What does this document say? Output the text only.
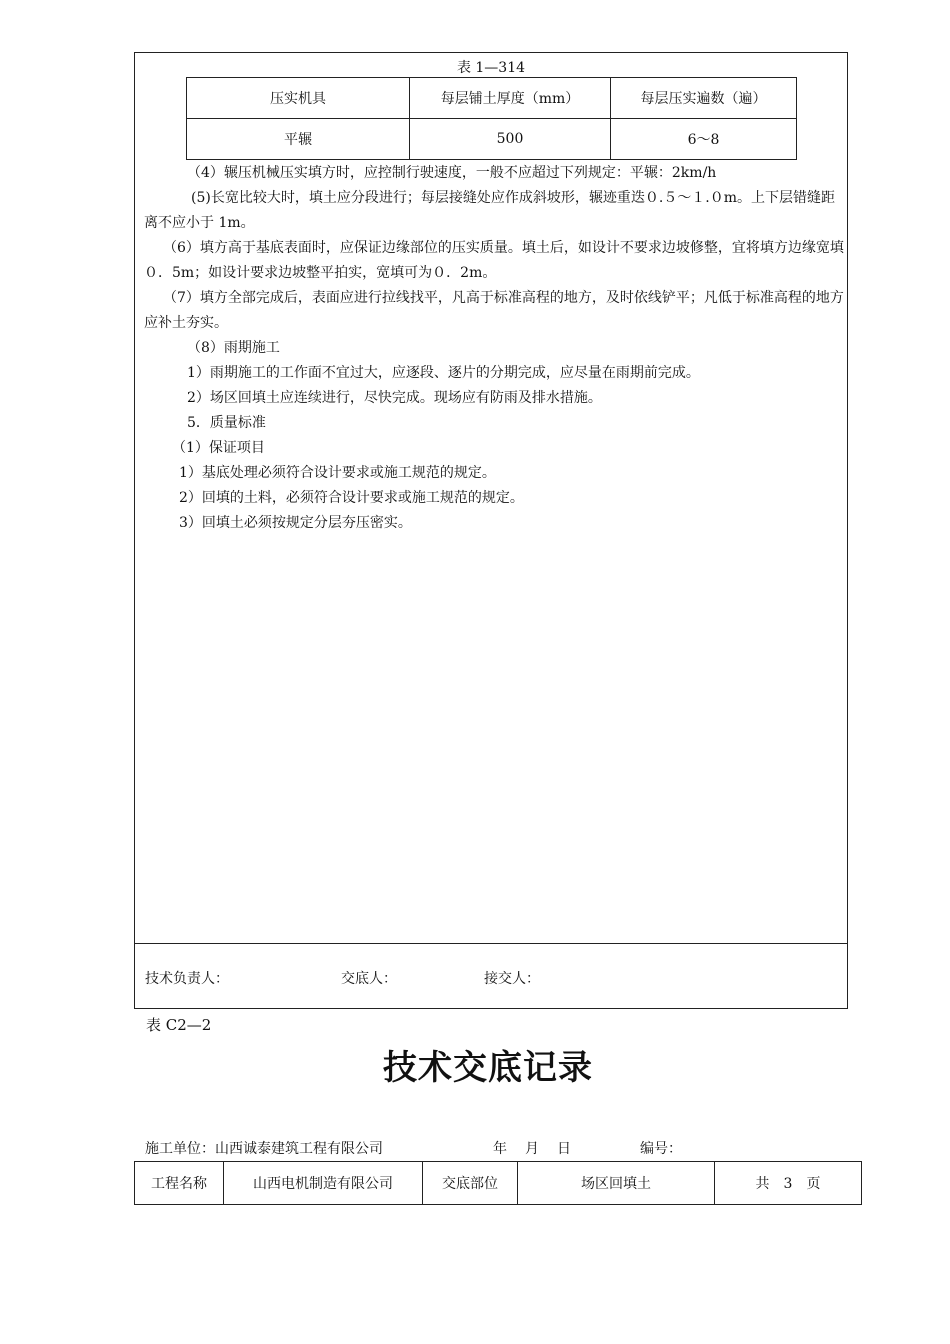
表 1—314
压实机具	每层铺土厚度（mm）	每层压实遍数（遍）
平辗	500	6～8

（4）辗压机械压实填方时，应控制行驶速度，一般不应超过下列规定：平辗：2km/h

(5)长宽比较大时，填土应分段进行；每层接缝处应作成斜坡形，辗迹重迭０.５～１.０m。上下层错缝距离不应小于 1m。

（6）填方高于基底表面时，应保证边缘部位的压实质量。填土后，如设计不要求边坡修整，宜将填方边缘宽填０．5m；如设计要求边坡整平拍实，宽填可为０．2m。

（7）填方全部完成后，表面应进行拉线找平，凡高于标准高程的地方，及时依线铲平；凡低于标准高程的地方应补土夯实。

（8）雨期施工

1）雨期施工的工作面不宜过大，应逐段、逐片的分期完成，应尽量在雨期前完成。

2）场区回填土应连续进行，尽快完成。现场应有防雨及排水措施。

5．质量标准

（1）保证项目

1）基底处理必须符合设计要求或施工规范的规定。

2）回填的土料，必须符合设计要求或施工规范的规定。

3）回填土必须按规定分层夯压密实。

技术负责人：	交底人：	接交人：
表 C2—2
技术交底记录
施工单位：山西诚泰建筑工程有限公司	年　月　日	编号：
工程名称	山西电机制造有限公司	交底部位	场区回填土	共　3　页
